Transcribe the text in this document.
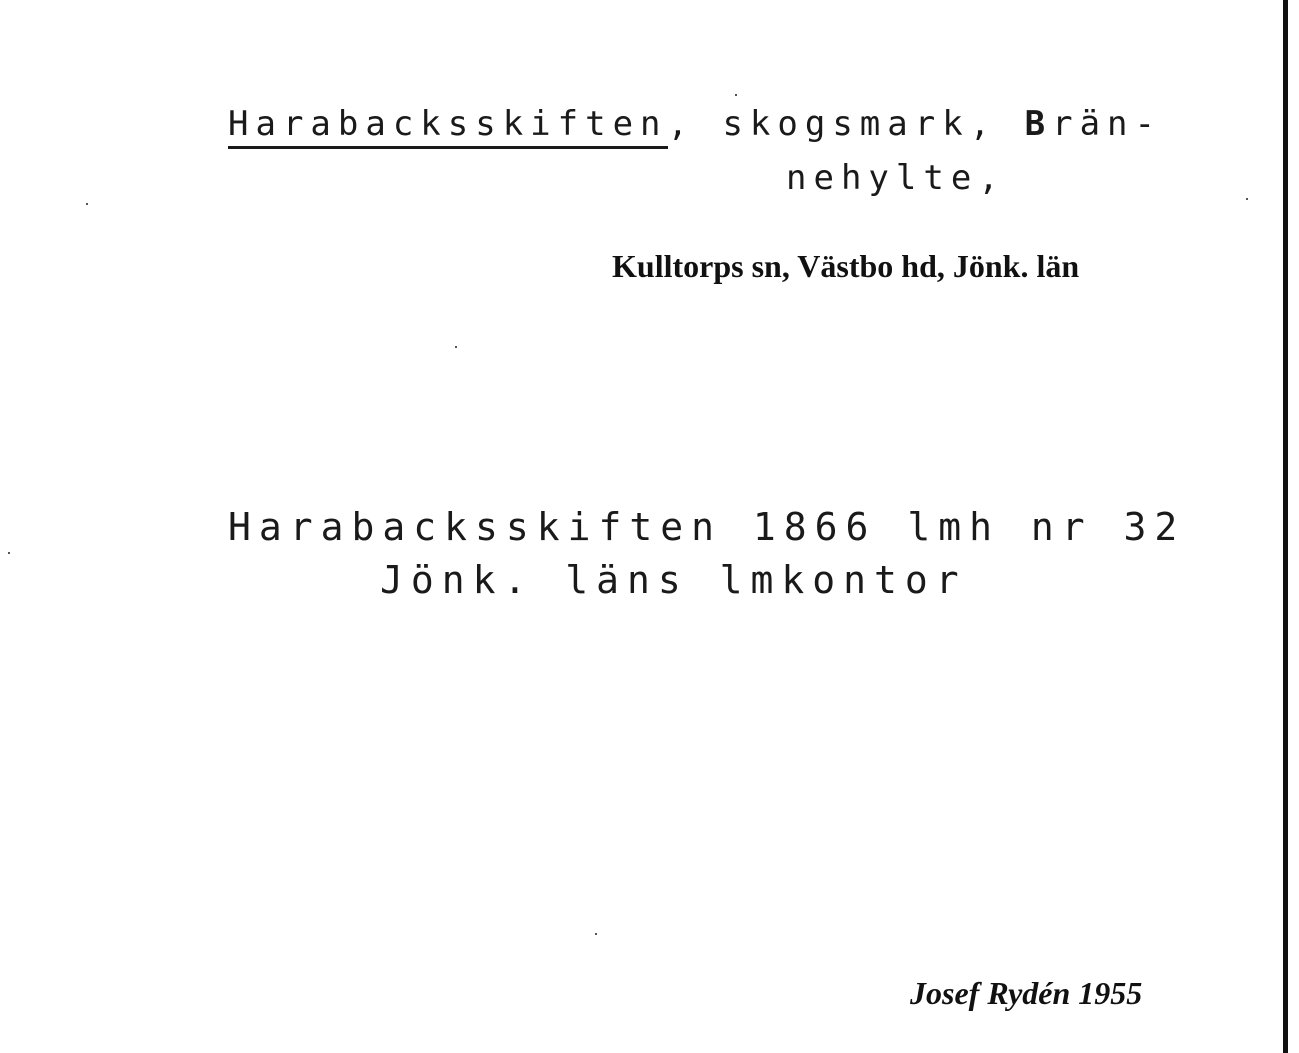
Harabacksskiften, skogsmark, Brän-
nehylte,
Kulltorps sn, Västbo hd, Jönk. län
Harabacksskiften 1866 lmh nr 32
Jönk. läns lmkontor
Josef Rydén 1955
